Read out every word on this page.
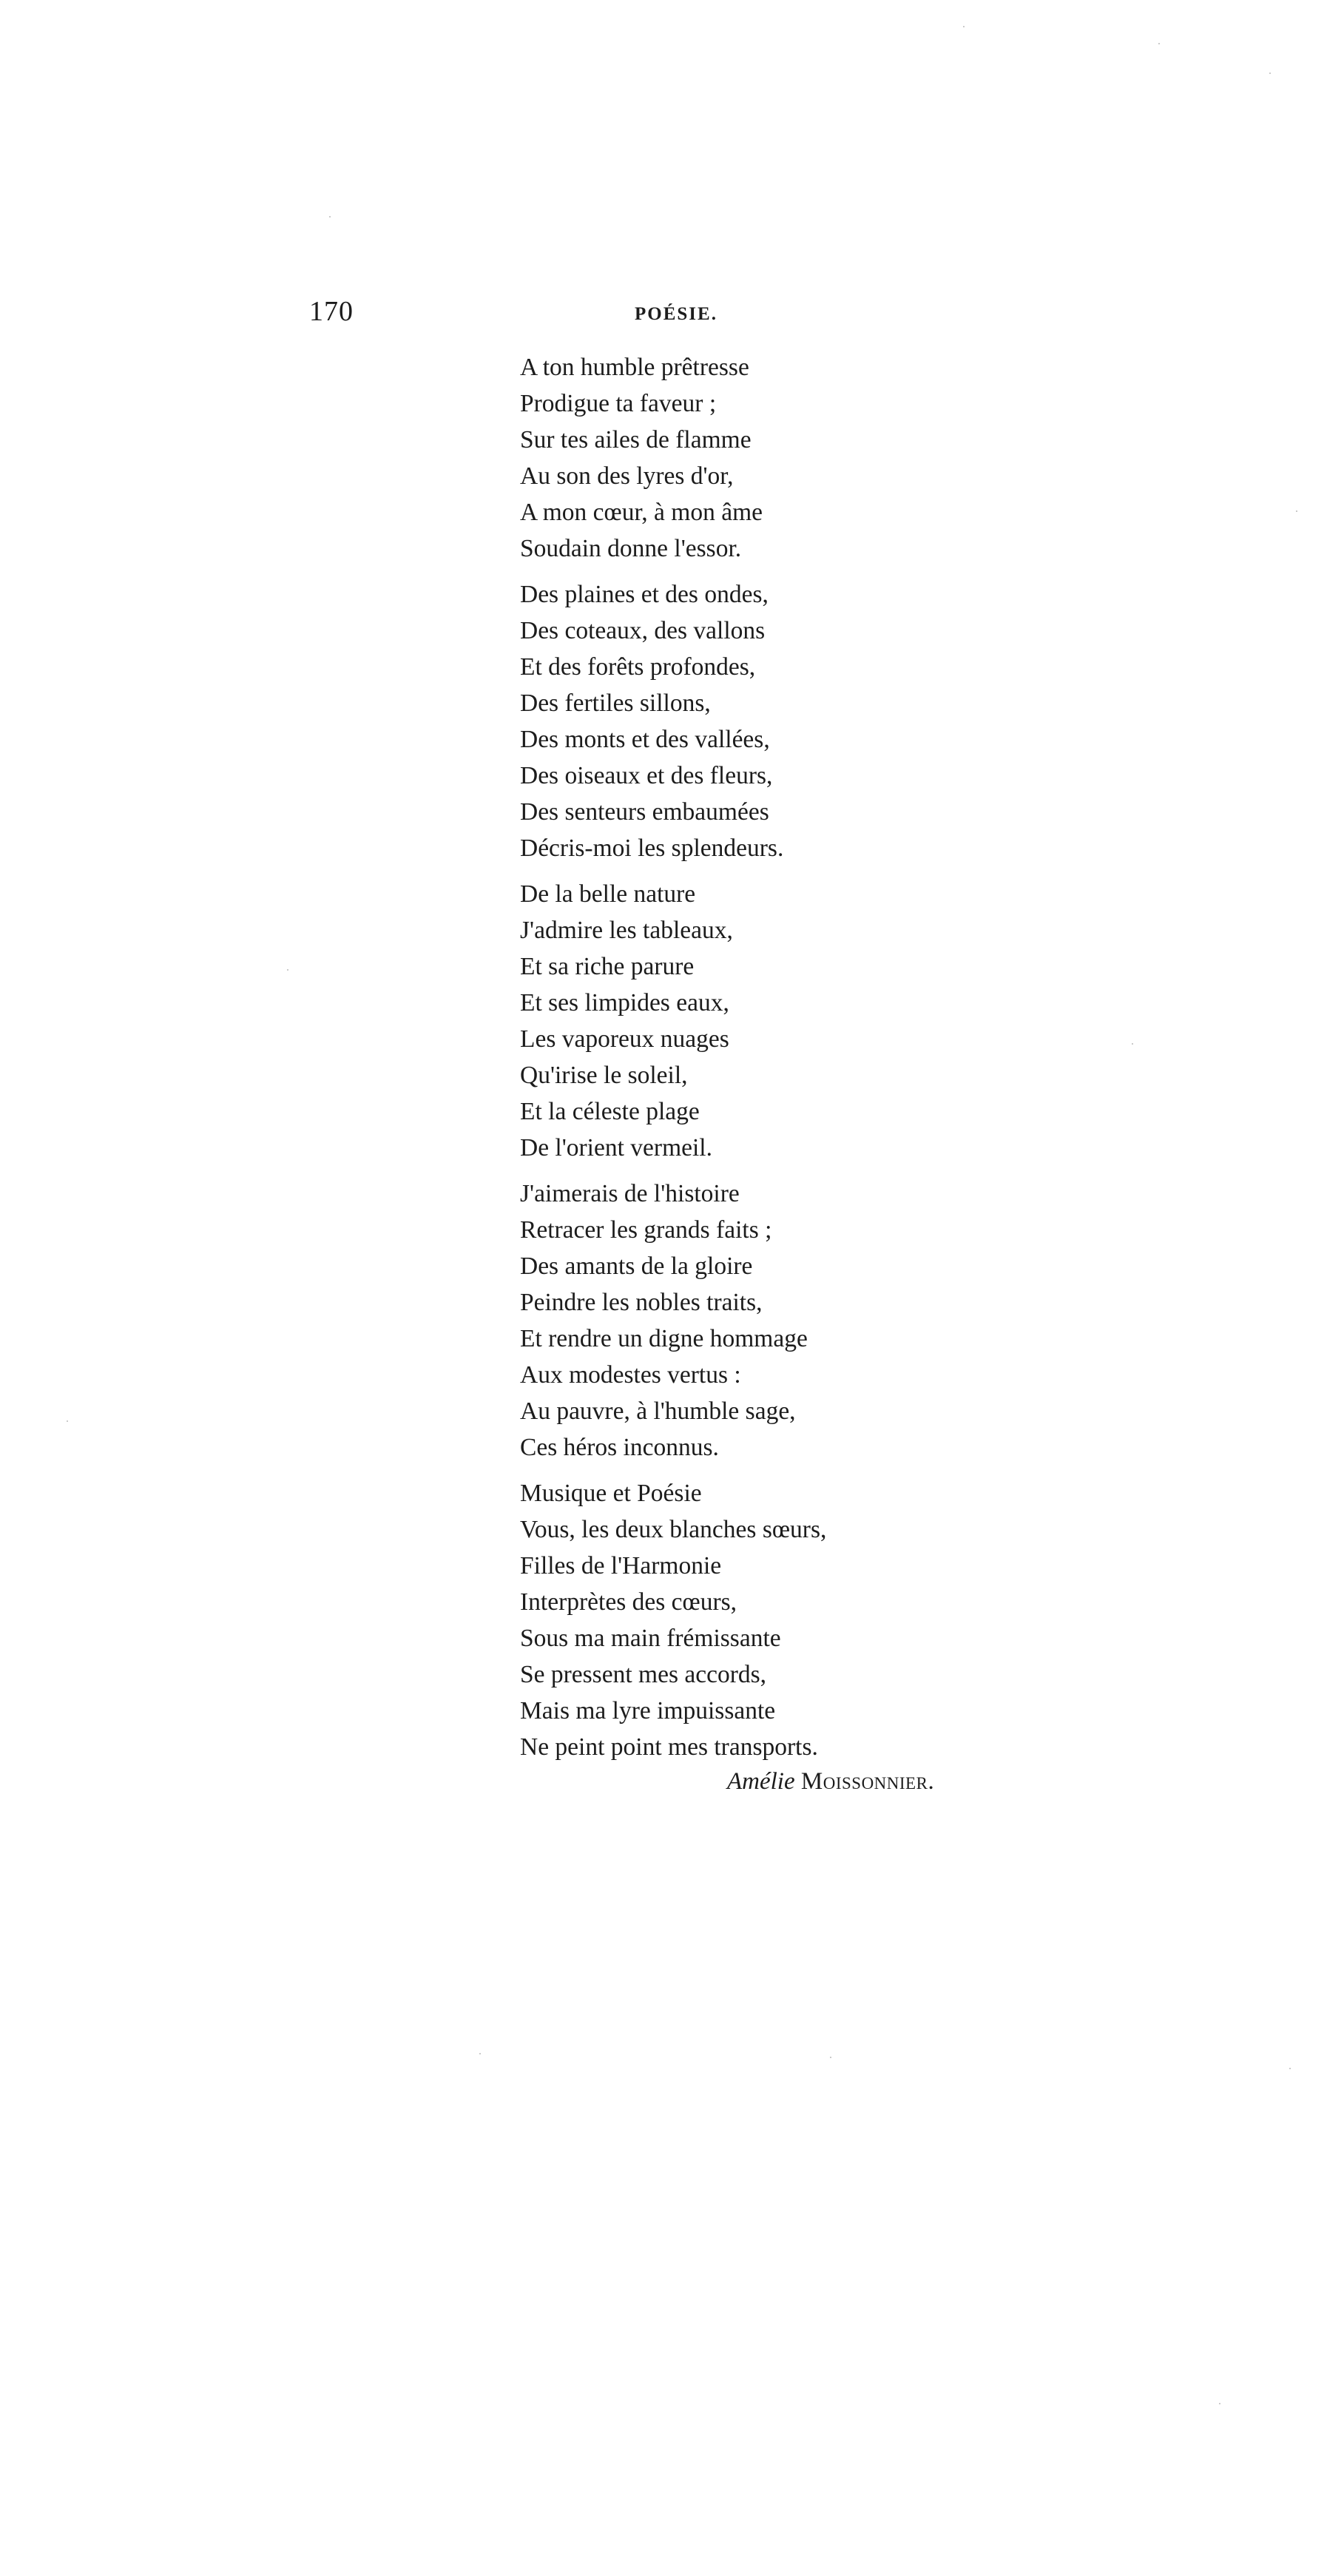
170	POÉSIE.
A ton humble prêtresse
Prodigue ta faveur ;
Sur tes ailes de flamme
Au son des lyres d'or,
A mon cœur, à mon âme
Soudain donne l'essor.
Des plaines et des ondes,
Des coteaux, des vallons
Et des forêts profondes,
Des fertiles sillons,
Des monts et des vallées,
Des oiseaux et des fleurs,
Des senteurs embaumées
Décris-moi les splendeurs.
De la belle nature
J'admire les tableaux,
Et sa riche parure
Et ses limpides eaux,
Les vaporeux nuages
Qu'irise le soleil,
Et la céleste plage
De l'orient vermeil.
J'aimerais de l'histoire
Retracer les grands faits ;
Des amants de la gloire
Peindre les nobles traits,
Et rendre un digne hommage
Aux modestes vertus :
Au pauvre, à l'humble sage,
Ces héros inconnus.
Musique et Poésie
Vous, les deux blanches sœurs,
Filles de l'Harmonie
Interprètes des cœurs,
Sous ma main frémissante
Se pressent mes accords,
Mais ma lyre impuissante
Ne peint point mes transports.
Amélie Moissonnier.
